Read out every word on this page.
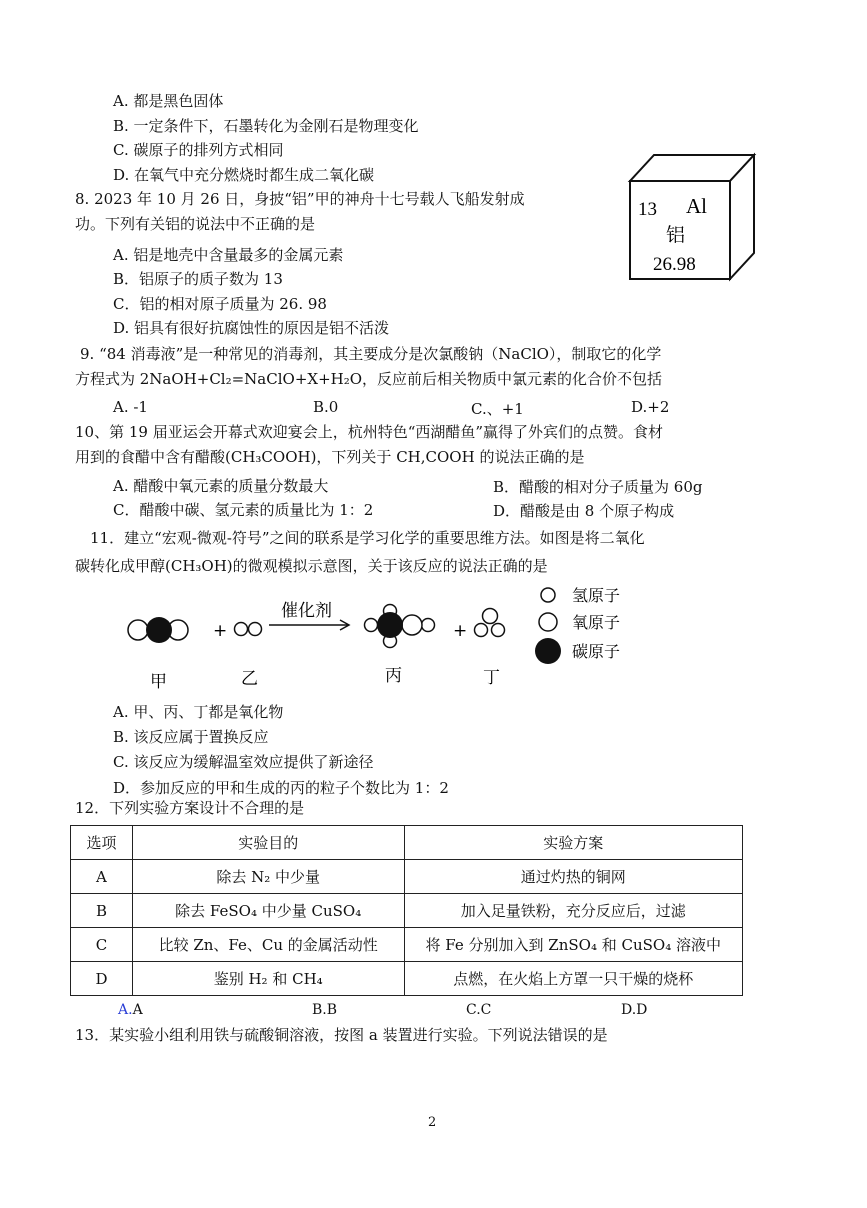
A. 都是黑色固体
B. 一定条件下，石墨转化为金刚石是物理变化
C. 碳原子的排列方式相同
D. 在氧气中充分燃烧时都生成二氧化碳
8. 2023 年 10 月 26 日，身披“铝”甲的神舟十七号载人飞船发射成
功。下列有关铝的说法中不正确的是
A. 铝是地壳中含量最多的金属元素
B．铝原子的质子数为 13
C．铝的相对原子质量为 26. 98
D. 铝具有很好抗腐蚀性的原因是铝不活泼
13 Al
铝
26.98
9. “84 消毒液”是一种常见的消毒剂，其主要成分是次氯酸钠（NaClO），制取它的化学
方程式为 2NaOH+Cl₂=NaClO+X+H₂O，反应前后相关物质中氯元素的化合价不包括
A. -1	B.0	C.、+1	D.+2
10、第 19 届亚运会开幕式欢迎宴会上，杭州特色“西湖醋鱼”赢得了外宾们的点赞。食材
用到的食醋中含有醋酸(CH₃COOH)，下列关于 CH,COOH 的说法正确的是
A. 醋酸中氧元素的质量分数最大	B．醋酸的相对分子质量为 60g
C．醋酸中碳、氢元素的质量比为 1：2	D．醋酸是由 8 个原子构成
11．建立“宏观-微观-符号”之间的联系是学习化学的重要思维方法。如图是将二氧化
碳转化成甲醇(CH₃OH)的微观模拟示意图，关于该反应的说法正确的是
+
催化剂
+
甲	乙	丙	丁
氢原子
氧原子
碳原子
A. 甲、丙、丁都是氧化物
B. 该反应属于置换反应
C. 该反应为缓解温室效应提供了新途径
D．参加反应的甲和生成的丙的粒子个数比为 1：2
12．下列实验方案设计不合理的是
选项	实验目的	实验方案
A	除去 N₂ 中少量	通过灼热的铜网
B	除去 FeSO₄ 中少量 CuSO₄	加入足量铁粉，充分反应后，过滤
C	比较 Zn、Fe、Cu 的金属活动性	将 Fe 分别加入到 ZnSO₄ 和 CuSO₄ 溶液中
D	鉴别 H₂ 和 CH₄	点燃，在火焰上方罩一只干燥的烧杯
A.A	B.B	C.C	D.D
13．某实验小组利用铁与硫酸铜溶液，按图 a 装置进行实验。下列说法错误的是
2
